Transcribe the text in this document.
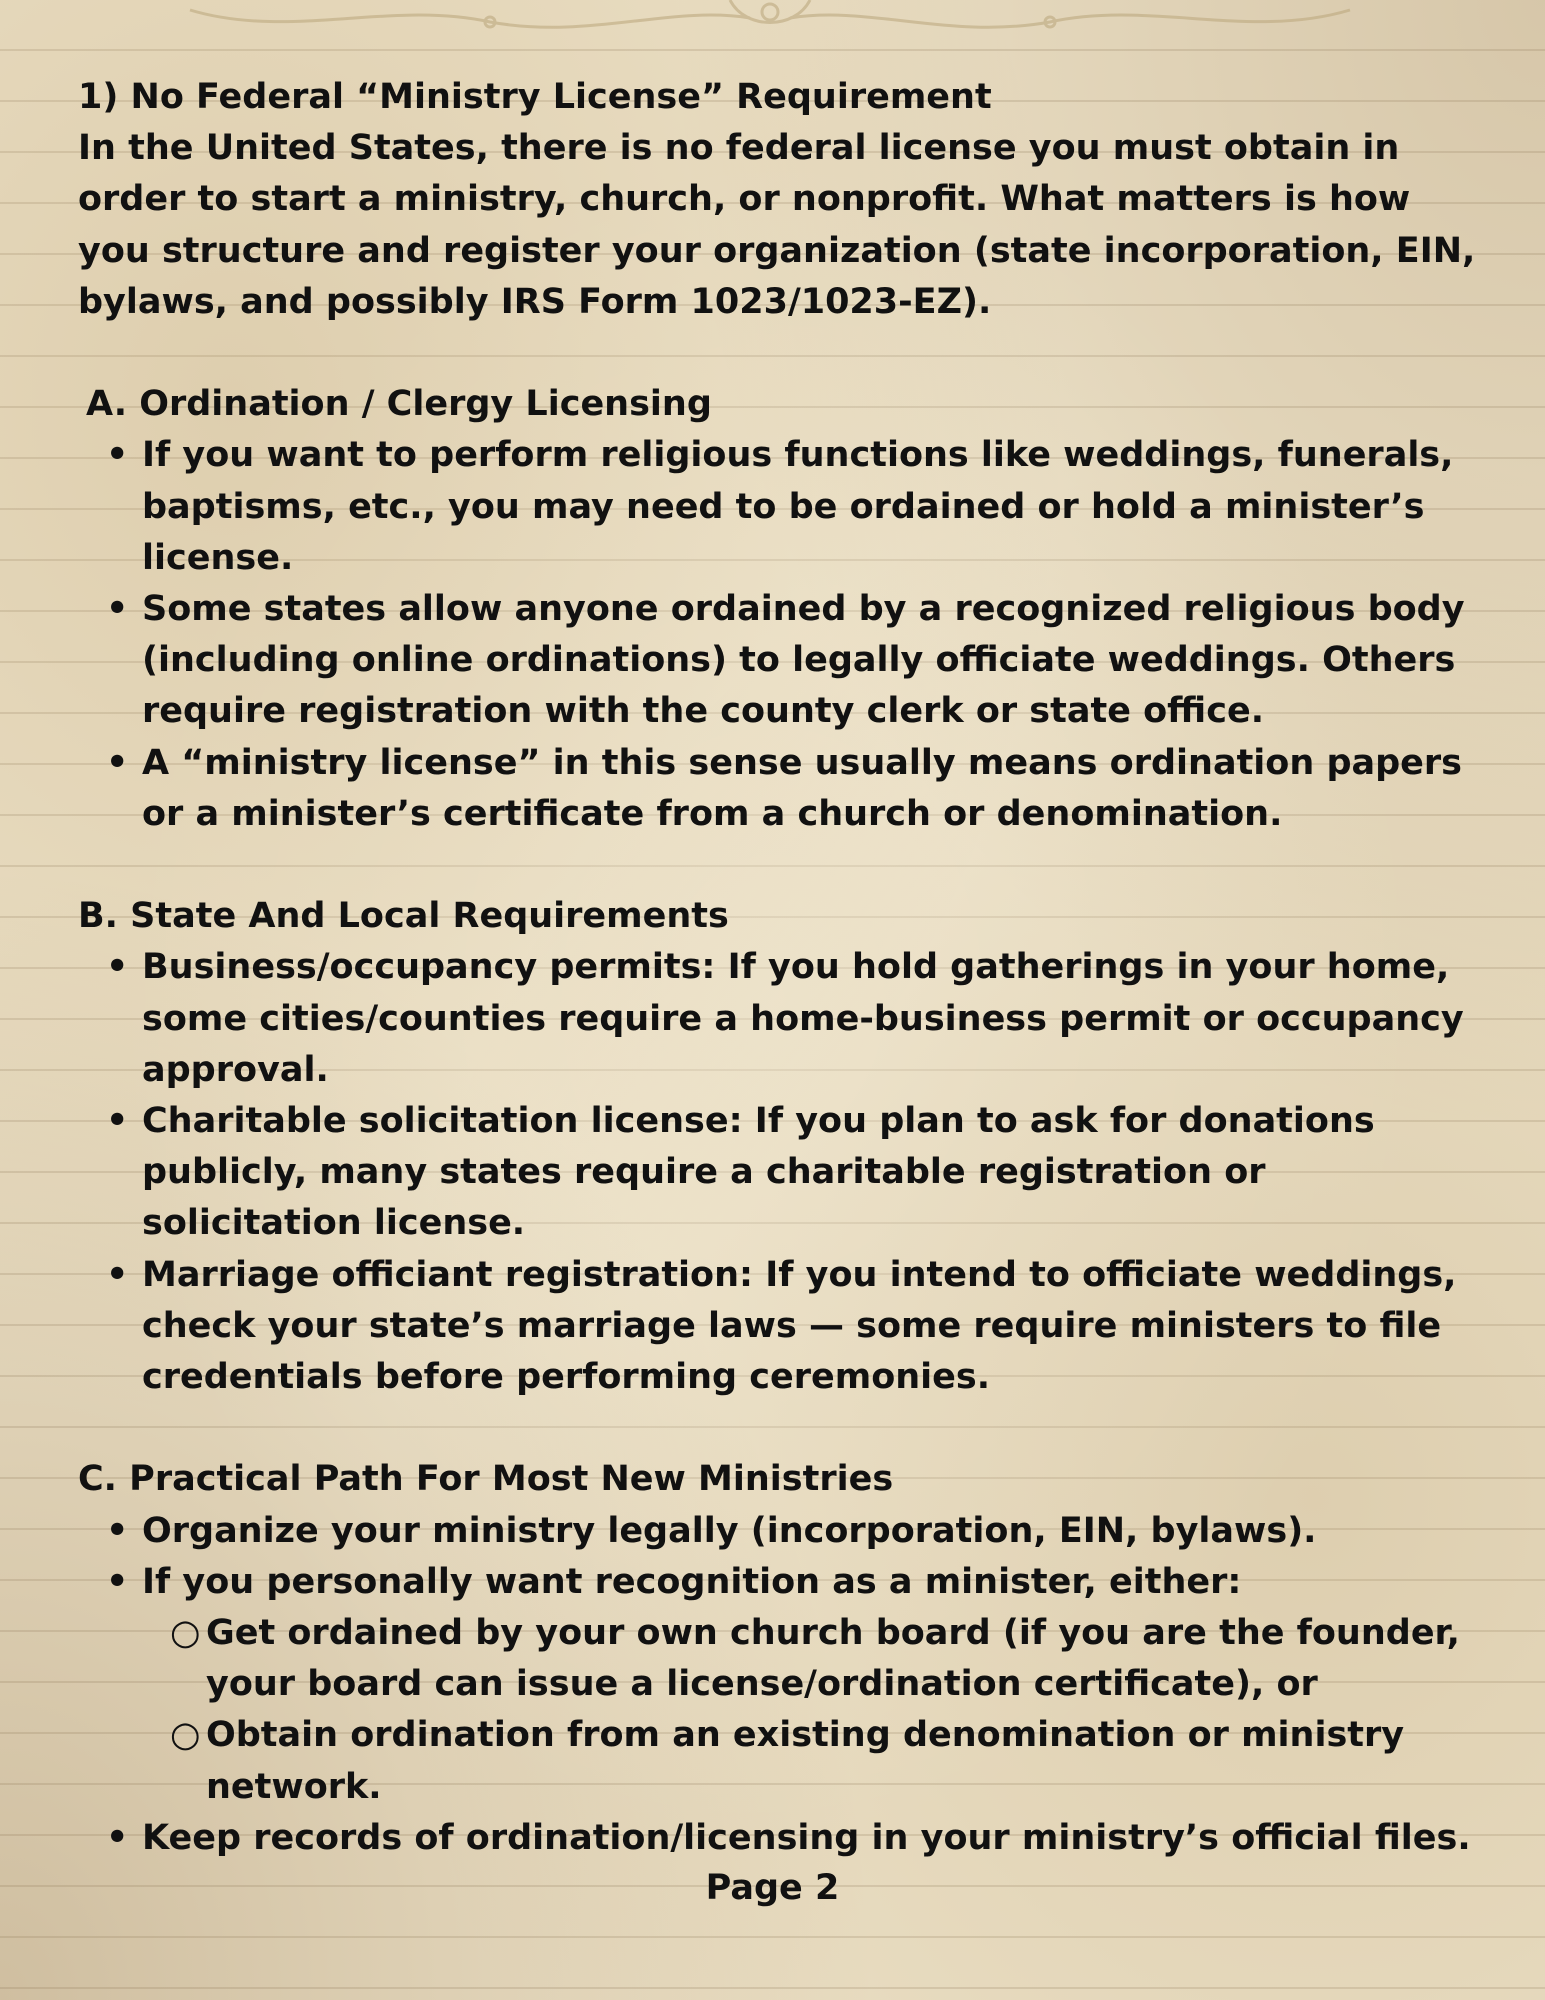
1) No Federal “Ministry License” Requirement

In the United States, there is no federal license you must obtain in order to start a ministry, church, or nonprofit. What matters is how you structure and register your organization (state incorporation, EIN, bylaws, and possibly IRS Form 1023/1023-EZ).

A. Ordination / Clergy Licensing

• If you want to perform religious functions like weddings, funerals, baptisms, etc., you may need to be ordained or hold a minister’s license.
• Some states allow anyone ordained by a recognized religious body (including online ordinations) to legally officiate weddings. Others require registration with the county clerk or state office.
• A “ministry license” in this sense usually means ordination papers or a minister’s certificate from a church or denomination.

B. State And Local Requirements

• Business/occupancy permits: If you hold gatherings in your home, some cities/counties require a home-business permit or occupancy approval.
• Charitable solicitation license: If you plan to ask for donations publicly, many states require a charitable registration or solicitation license.
• Marriage officiant registration: If you intend to officiate weddings, check your state’s marriage laws — some require ministers to file credentials before performing ceremonies.

C. Practical Path For Most New Ministries

• Organize your ministry legally (incorporation, EIN, bylaws).
• If you personally want recognition as a minister, either:
○ Get ordained by your own church board (if you are the founder, your board can issue a license/ordination certificate), or
○ Obtain ordination from an existing denomination or ministry network.
• Keep records of ordination/licensing in your ministry’s official files.
Page 2
